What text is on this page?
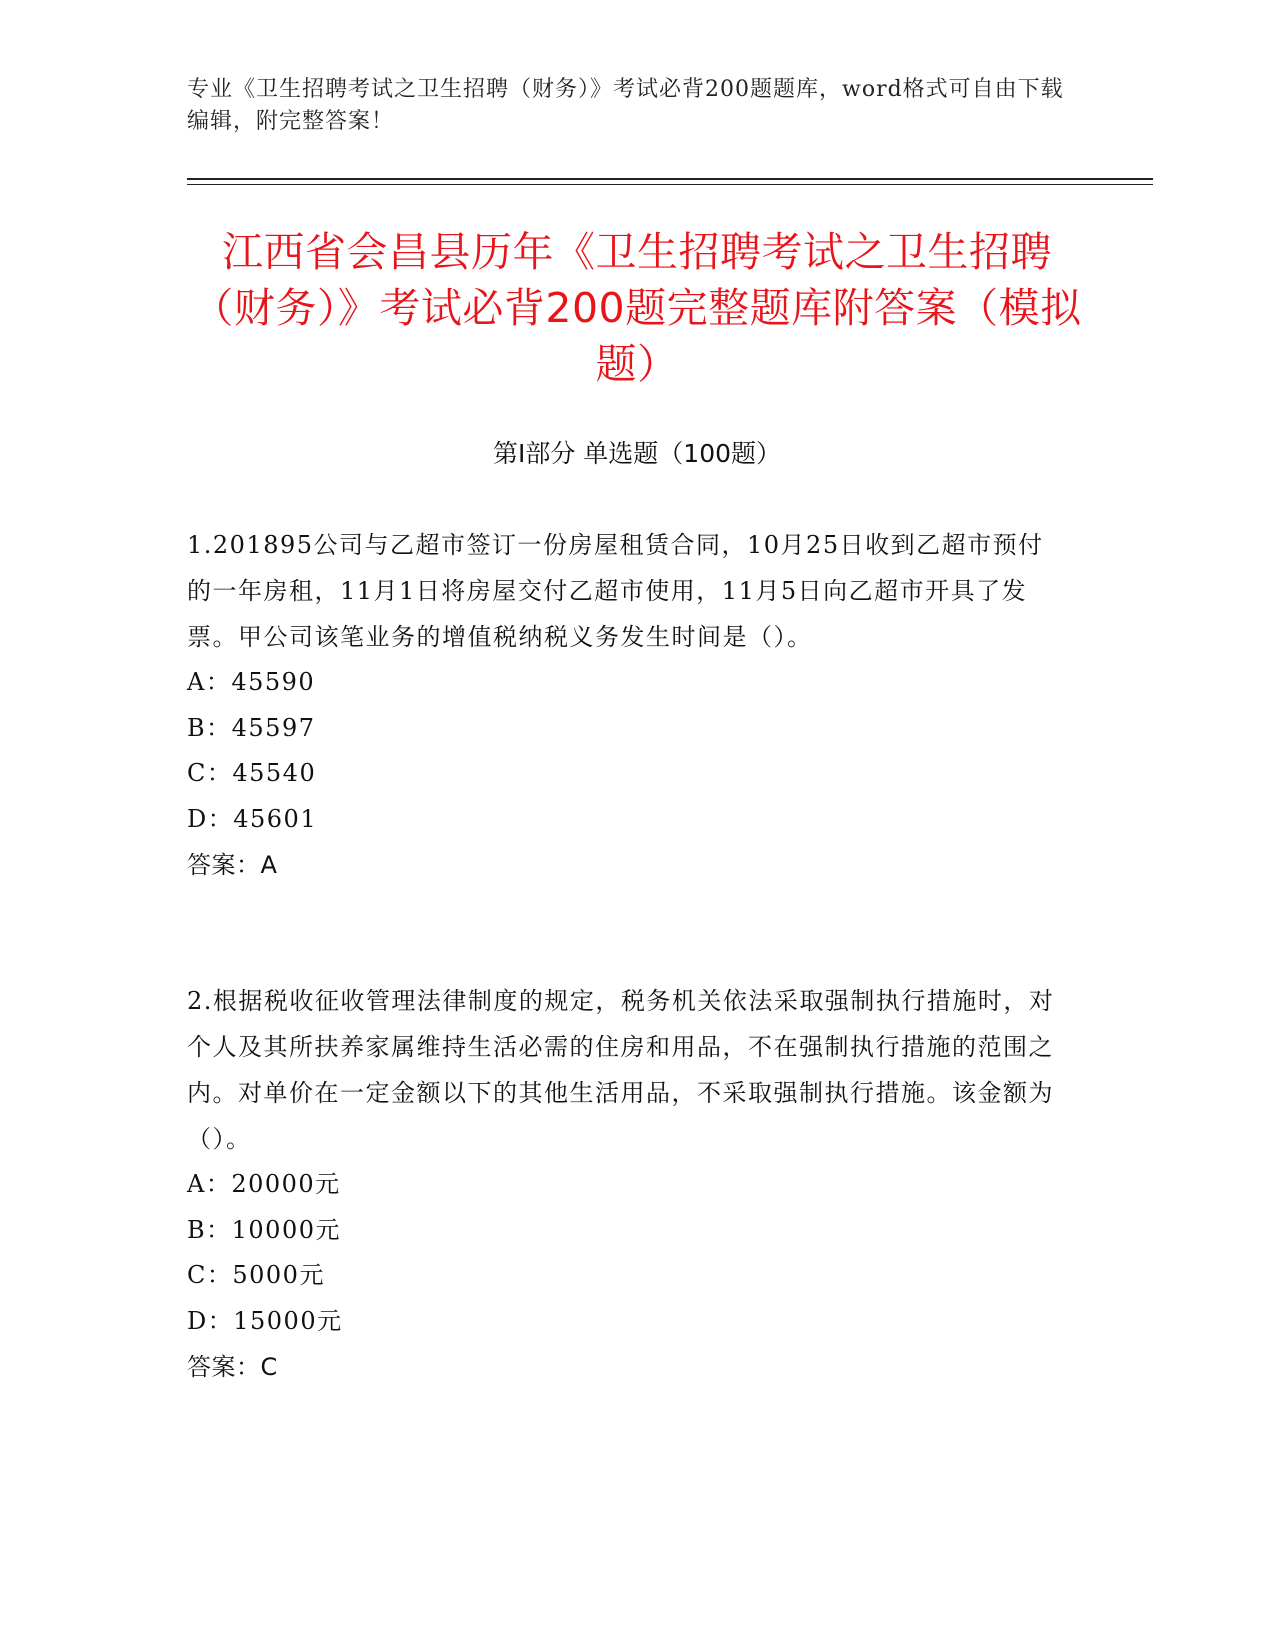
专业《卫生招聘考试之卫生招聘（财务）》考试必背200题题库，word格式可自由下载编辑，附完整答案！
江西省会昌县历年《卫生招聘考试之卫生招聘（财务）》考试必背200题完整题库附答案（模拟题）
第I部分 单选题（100题）

1.201895公司与乙超市签订一份房屋租赁合同，10月25日收到乙超市预付的一年房租，11月1日将房屋交付乙超市使用，11月5日向乙超市开具了发票。甲公司该笔业务的增值税纳税义务发生时间是（）。

A：45590

B：45597

C：45540

D：45601

答案：A

2.根据税收征收管理法律制度的规定，税务机关依法采取强制执行措施时，对个人及其所扶养家属维持生活必需的住房和用品，不在强制执行措施的范围之内。对单价在一定金额以下的其他生活用品，不采取强制执行措施。该金额为（）。

A：20000元

B：10000元

C：5000元

D：15000元

答案：C
